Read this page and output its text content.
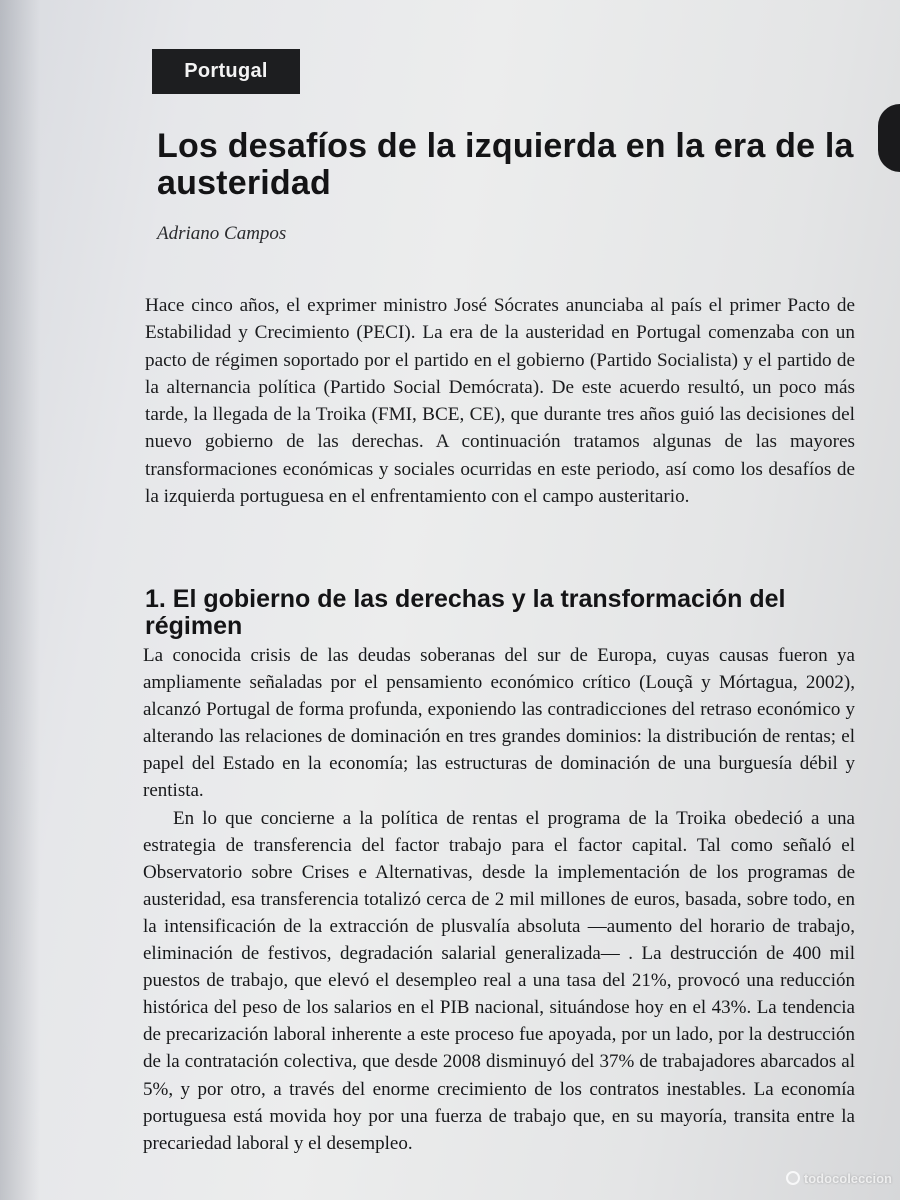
Portugal
Los desafíos de la izquierda en la era de la austeridad
Adriano Campos

Hace cinco años, el exprimer ministro José Sócrates anunciaba al país el primer Pacto de Estabilidad y Crecimiento (PECI). La era de la austeridad en Portugal comenzaba con un pacto de régimen soportado por el partido en el gobierno (Partido Socialista) y el partido de la alternancia política (Partido Social Demócrata). De este acuerdo resultó, un poco más tarde, la llegada de la Troika (FMI, BCE, CE), que durante tres años guió las decisiones del nuevo gobierno de las derechas. A continuación tratamos algunas de las mayores transformaciones económicas y sociales ocurridas en este periodo, así como los desafíos de la izquierda portuguesa en el enfrentamiento con el campo austeritario.

1. El gobierno de las derechas y la transformación del régimen

La conocida crisis de las deudas soberanas del sur de Europa, cuyas causas fueron ya ampliamente señaladas por el pensamiento económico crítico (Louçã y Mórtagua, 2002), alcanzó Portugal de forma profunda, exponiendo las contradicciones del retraso económico y alterando las relaciones de dominación en tres grandes dominios: la distribución de rentas; el papel del Estado en la economía; las estructuras de dominación de una burguesía débil y rentista.

En lo que concierne a la política de rentas el programa de la Troika obedeció a una estrategia de transferencia del factor trabajo para el factor capital. Tal como señaló el Observatorio sobre Crises e Alternativas, desde la implementación de los programas de austeridad, esa transferencia totalizó cerca de 2 mil millones de euros, basada, sobre todo, en la intensificación de la extracción de plusvalía absoluta —aumento del horario de trabajo, eliminación de festivos, degradación salarial generalizada— . La destrucción de 400 mil puestos de trabajo, que elevó el desempleo real a una tasa del 21%, provocó una reducción histórica del peso de los salarios en el PIB nacional, situándose hoy en el 43%. La tendencia de precarización laboral inherente a este proceso fue apoyada, por un lado, por la destrucción de la contratación colectiva, que desde 2008 disminuyó del 37% de trabajadores abarcados al 5%, y por otro, a través del enorme crecimiento de los contratos inestables. La economía portuguesa está movida hoy por una fuerza de trabajo que, en su mayoría, transita entre la precariedad laboral y el desempleo.

todocoleccion
